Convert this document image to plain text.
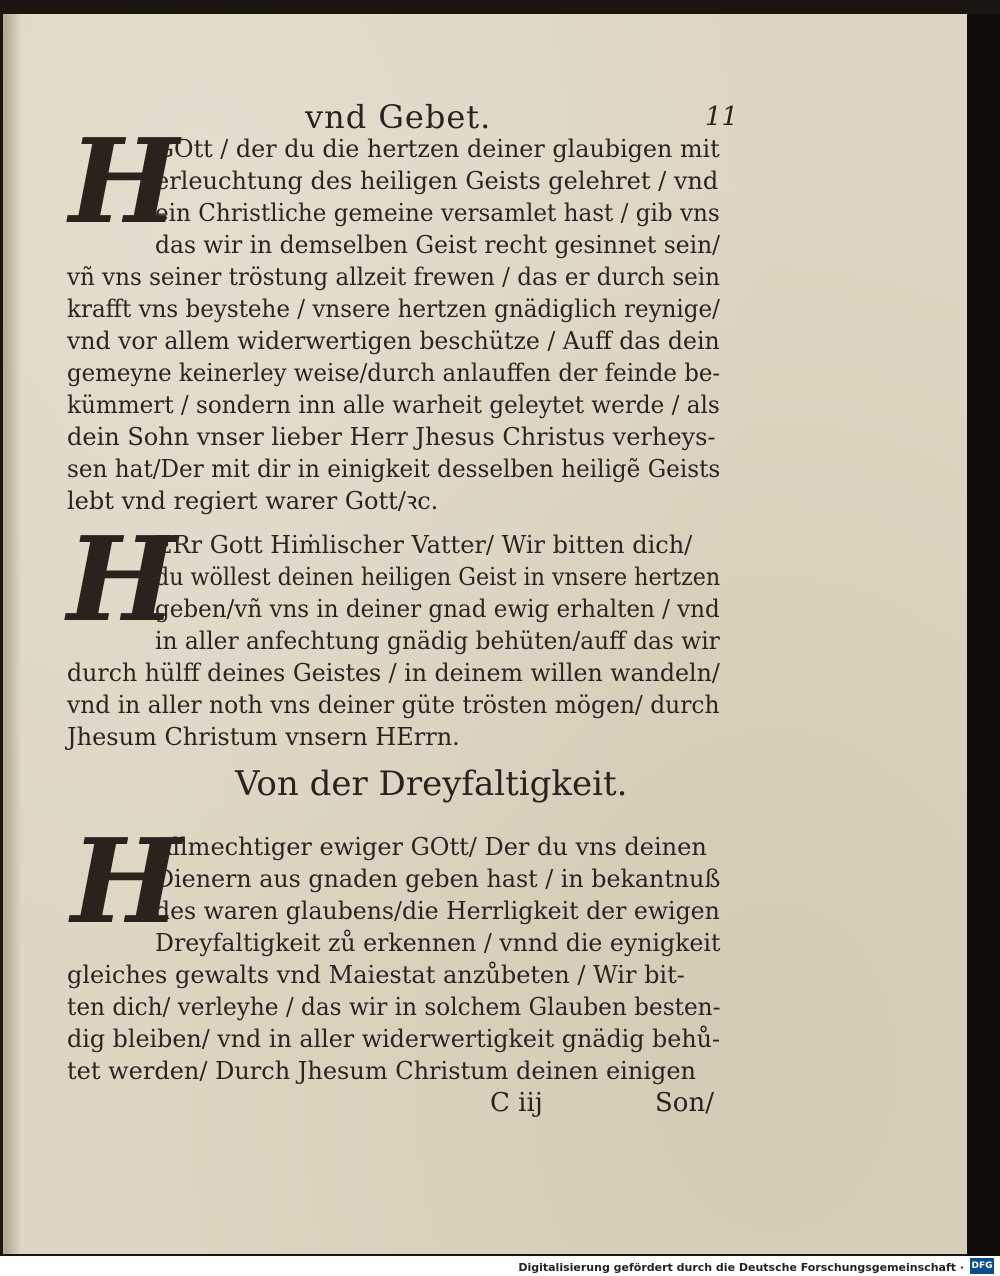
vnd Gebet.	11
H
GOtt / der du die hertzen deiner glaubigen mit
erleuchtung des heiligen Geists gelehret / vnd
ein Christliche gemeine versamlet hast / gib vns
das wir in demselben Geist recht gesinnet sein/
vñ vns seiner tröstung allzeit frewen / das er durch sein
krafft vns beystehe / vnsere hertzen gnädiglich reynige/
vnd vor allem widerwertigen beschütze / Auff das dein
gemeyne keinerley weise/durch anlauffen der feinde be-
kümmert / sondern inn alle warheit geleytet werde / als
dein Sohn vnser lieber Herr Jhesus Christus verheys-
sen hat/Der mit dir in einigkeit desselben heiligẽ Geists
lebt vnd regiert warer Gott/ꝛc.
H
ERr Gott Hiṁlischer Vatter/ Wir bitten dich/
du wöllest deinen heiligen Geist in vnsere hertzen
geben/vñ vns in deiner gnad ewig erhalten / vnd
in aller anfechtung gnädig behüten/auff das wir
durch hülff deines Geistes / in deinem willen wandeln/
vnd in aller noth vns deiner güte trösten mögen/ durch
Jhesum Christum vnsern HErrn.
Von der Dreyfaltigkeit.
H
Allmechtiger ewiger GOtt/ Der du vns deinen
Dienern aus gnaden geben hast / in bekantnuß
des waren glaubens/die Herrligkeit der ewigen
Dreyfaltigkeit zů erkennen / vnnd die eynigkeit
gleiches gewalts vnd Maiestat anzůbeten / Wir bit-
ten dich/ verleyhe / das wir in solchem Glauben besten-
dig bleiben/ vnd in aller widerwertigkeit gnädig behů-
tet werden/ Durch Jhesum Christum deinen einigen
C iij	Son/
Digitalisierung gefördert durch die Deutsche Forschungsgemeinschaft · DFG
